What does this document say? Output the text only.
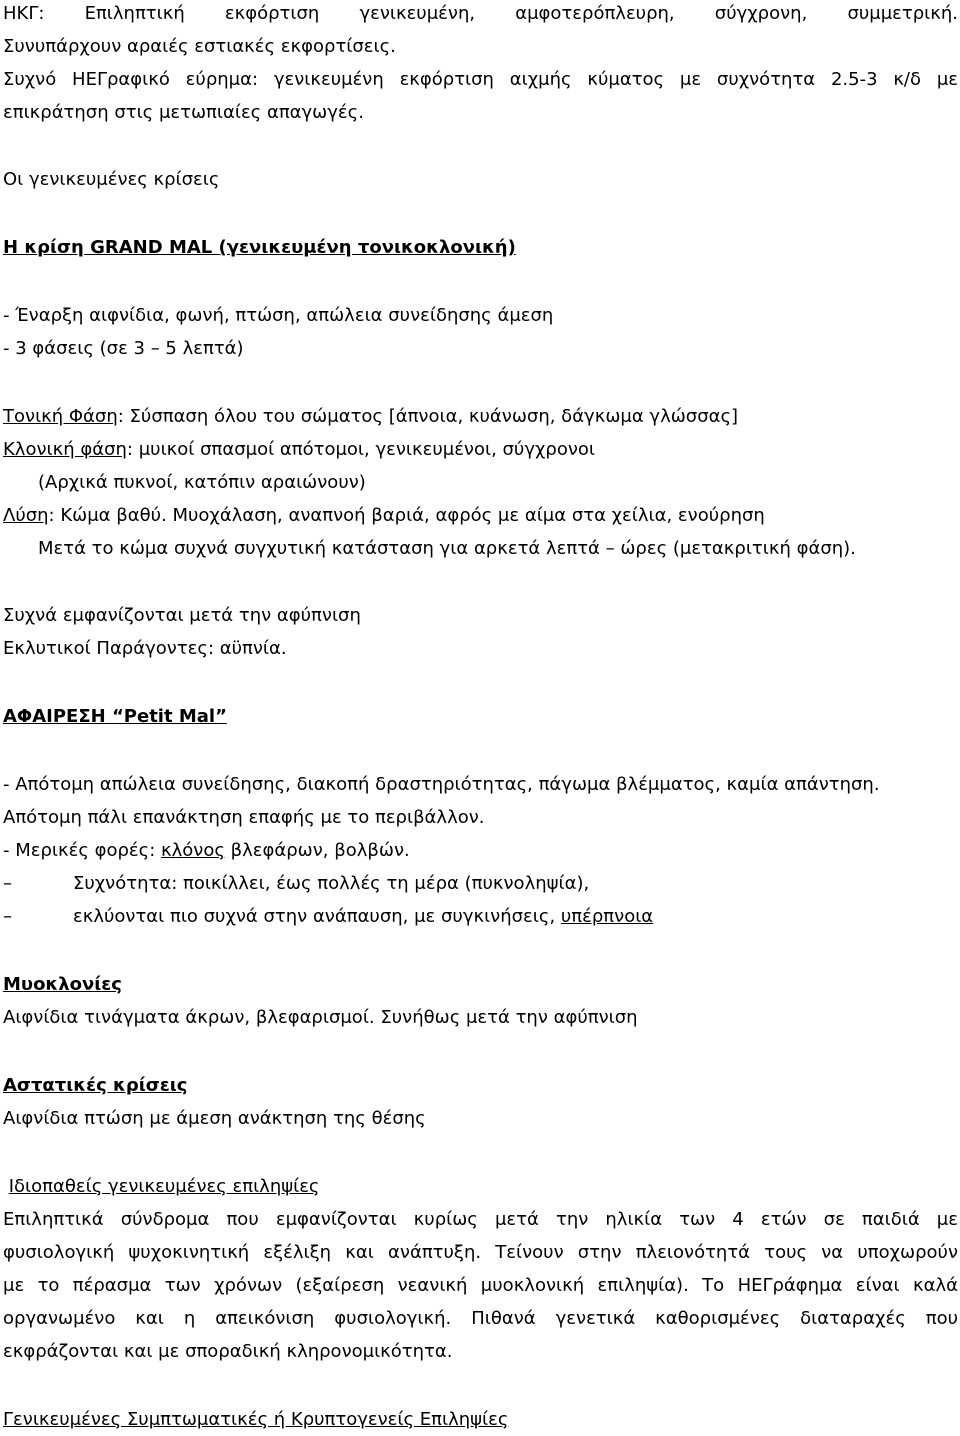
ΗΚΓ: Επιληπτική εκφόρτιση γενικευμένη, αμφοτερόπλευρη, σύγχρονη, συμμετρική.
Συνυπάρχουν αραιές εστιακές εκφορτίσεις.
Συχνό ΗΕΓραφικό εύρημα: γενικευμένη εκφόρτιση αιχμής κύματος με συχνότητα 2.5-3 κ/δ με
επικράτηση στις μετωπιαίες απαγωγές.
Οι γενικευμένες κρίσεις
Η κρίση GRAND MAL (γενικευμένη τονικοκλονική)
- Έναρξη αιφνίδια, φωνή, πτώση, απώλεια συνείδησης άμεση
- 3 φάσεις (σε 3 – 5 λεπτά)
Τονική Φάση: Σύσπαση όλου του σώματος [άπνοια, κυάνωση, δάγκωμα γλώσσας]
Κλονική φάση: μυικοί σπασμοί απότομοι, γενικευμένοι, σύγχρονοι
(Αρχικά πυκνοί, κατόπιν αραιώνουν)
Λύση: Κώμα βαθύ. Μυοχάλαση, αναπνοή βαριά, αφρός με αίμα στα χείλια, ενούρηση
Μετά το κώμα συχνά συγχυτική κατάσταση για αρκετά λεπτά – ώρες (μετακριτική φάση).
Συχνά εμφανίζονται μετά την αφύπνιση
Εκλυτικοί Παράγοντες: αϋπνία.
ΑΦΑΙΡΕΣΗ “Petit Mal”
- Απότομη απώλεια συνείδησης, διακοπή δραστηριότητας, πάγωμα βλέμματος, καμία απάντηση.
Απότομη πάλι επανάκτηση επαφής με το περιβάλλον.
- Μερικές φορές: κλόνος βλεφάρων, βολβών.
–	Συχνότητα: ποικίλλει, έως πολλές τη μέρα (πυκνοληψία),
–	εκλύονται πιο συχνά στην ανάπαυση, με συγκινήσεις, υπέρπνοια
Μυοκλονίες
Αιφνίδια τινάγματα άκρων, βλεφαρισμοί. Συνήθως μετά την αφύπνιση
Αστατικές κρίσεις
Αιφνίδια πτώση με άμεση ανάκτηση της θέσης
Ιδιοπαθείς γενικευμένες επιληψίες
Επιληπτικά σύνδρομα που εμφανίζονται κυρίως μετά την ηλικία των 4 ετών σε παιδιά με
φυσιολογική ψυχοκινητική εξέλιξη και ανάπτυξη. Τείνουν στην πλειονότητά τους να υποχωρούν
με το πέρασμα των χρόνων (εξαίρεση νεανική μυοκλονική επιληψία). Το ΗΕΓράφημα είναι καλά
οργανωμένο και η απεικόνιση φυσιολογική. Πιθανά γενετικά καθορισμένες διαταραχές που
εκφράζονται και με σποραδική κληρονομικότητα.
Γενικευμένες Συμπτωματικές ή Κρυπτογενείς Επιληψίες
